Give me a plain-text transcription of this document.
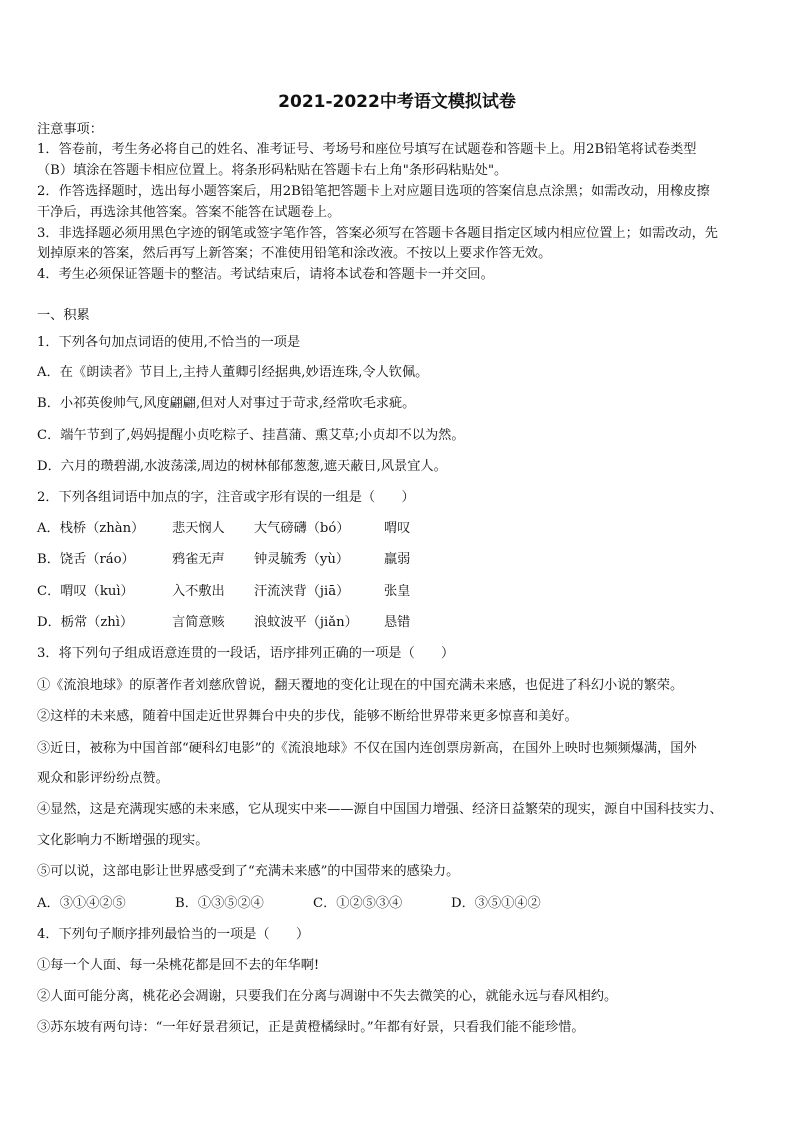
2021-2022中考语文模拟试卷
注意事项：
1．答卷前，考生务必将自己的姓名、准考证号、考场号和座位号填写在试题卷和答题卡上。用2B铅笔将试卷类型
（B）填涂在答题卡相应位置上。将条形码粘贴在答题卡右上角"条形码粘贴处"。
2．作答选择题时，选出每小题答案后，用2B铅笔把答题卡上对应题目选项的答案信息点涂黑；如需改动，用橡皮擦
干净后，再选涂其他答案。答案不能答在试题卷上。
3．非选择题必须用黑色字迹的钢笔或签字笔作答，答案必须写在答题卡各题目指定区域内相应位置上；如需改动，先
划掉原来的答案，然后再写上新答案；不准使用铅笔和涂改液。不按以上要求作答无效。
4．考生必须保证答题卡的整洁。考试结束后，请将本试卷和答题卡一并交回。
一、积累
1．下列各句加点词语的使用,不恰当的一项是
A．在《朗读者》节目上,主持人董卿引经据典,妙语连珠,令人钦佩。
B．小祁英俊帅气,风度翩翩,但对人对事过于苛求,经常吹毛求疵。
C．端午节到了,妈妈提醒小贞吃粽子、挂菖蒲、熏艾草;小贞却不以为然。
D．六月的瓒碧湖,水波荡漾,周边的树林郁郁葱葱,遮天蔽日,风景宜人。
2．下列各组词语中加点的字，注音或字形有误的一组是（　　）
A．栈桥（zhàn） 悲天悯人 大气磅礴（bó）	喟叹
B．饶舌（ráo）	鸦雀无声 钟灵毓秀（yù）	羸弱
C．喟叹（kuì）	入不敷出 汗流浃背（jiā）	张皇
D．栃常（zhì）	言简意赅 浪蚊波平（jiǎn） 恳错
3．将下列句子组成语意连贯的一段话，语序排列正确的一项是（　　）
①《流浪地球》的原著作者刘慈欣曾说，翻天覆地的变化让现在的中国充满未来感，也促进了科幻小说的繁荣。
②这样的未来感，随着中国走近世界舞台中央的步伐，能够不断给世界带来更多惊喜和美好。
③近日，被称为中国首部“硬科幻电影”的《流浪地球》不仅在国内连创票房新高，在国外上映时也频频爆满，国外
观众和影评纷纷点赞。
④显然，这是充满现实感的未来感，它从现实中来——源自中国国力增强、经济日益繁荣的现实，源自中国科技实力、
文化影响力不断增强的现实。
⑤可以说，这部电影让世界感受到了“充满未来感”的中国带来的感染力。
A．③①④②⑤	B．①③⑤②④	C．①②⑤③④	D．③⑤①④②
4．下列句子顺序排列最恰当的一项是（　　）
①每一个人面、每一朵桃花都是回不去的年华啊!
②人面可能分离，桃花必会凋谢，只要我们在分离与凋谢中不失去微笑的心，就能永远与春风相约。
③苏东坡有两句诗：“一年好景君须记，正是黄橙橘绿时。”年都有好景，只看我们能不能珍惜。
